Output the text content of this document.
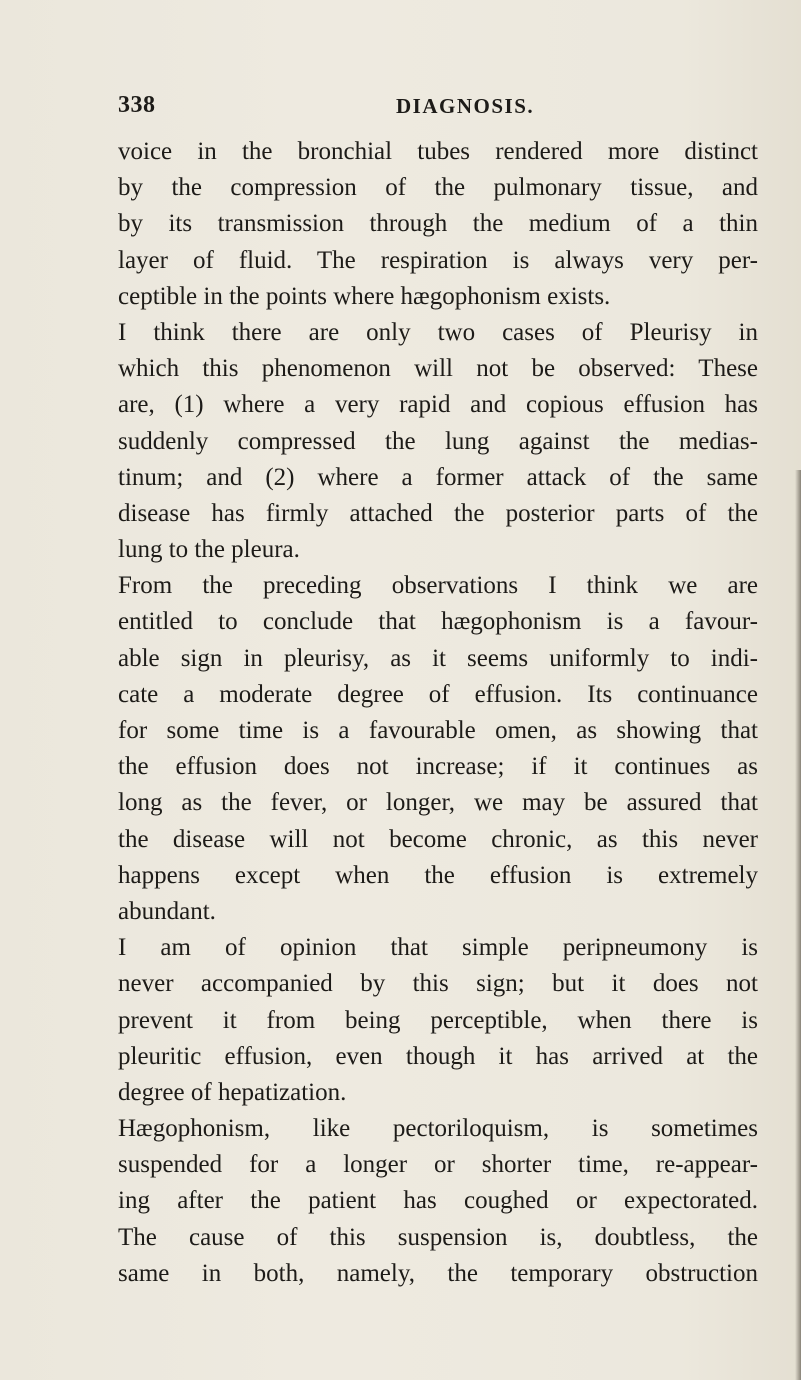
338	DIAGNOSIS.
voice in the bronchial tubes rendered more distinct
by the compression of the pulmonary tissue, and
by its transmission through the medium of a thin
layer of fluid. The respiration is always very per-
ceptible in the points where hægophonism exists.
I think there are only two cases of Pleurisy in
which this phenomenon will not be observed: These
are, (1) where a very rapid and copious effusion has
suddenly compressed the lung against the medias-
tinum; and (2) where a former attack of the same
disease has firmly attached the posterior parts of the
lung to the pleura.
From the preceding observations I think we are
entitled to conclude that hægophonism is a favour-
able sign in pleurisy, as it seems uniformly to indi-
cate a moderate degree of effusion. Its continuance
for some time is a favourable omen, as showing that
the effusion does not increase; if it continues as
long as the fever, or longer, we may be assured that
the disease will not become chronic, as this never
happens except when the effusion is extremely
abundant.
I am of opinion that simple peripneumony is
never accompanied by this sign; but it does not
prevent it from being perceptible, when there is
pleuritic effusion, even though it has arrived at the
degree of hepatization.
Hægophonism, like pectoriloquism, is sometimes
suspended for a longer or shorter time, re-appear-
ing after the patient has coughed or expectorated.
The cause of this suspension is, doubtless, the
same in both, namely, the temporary obstruction
